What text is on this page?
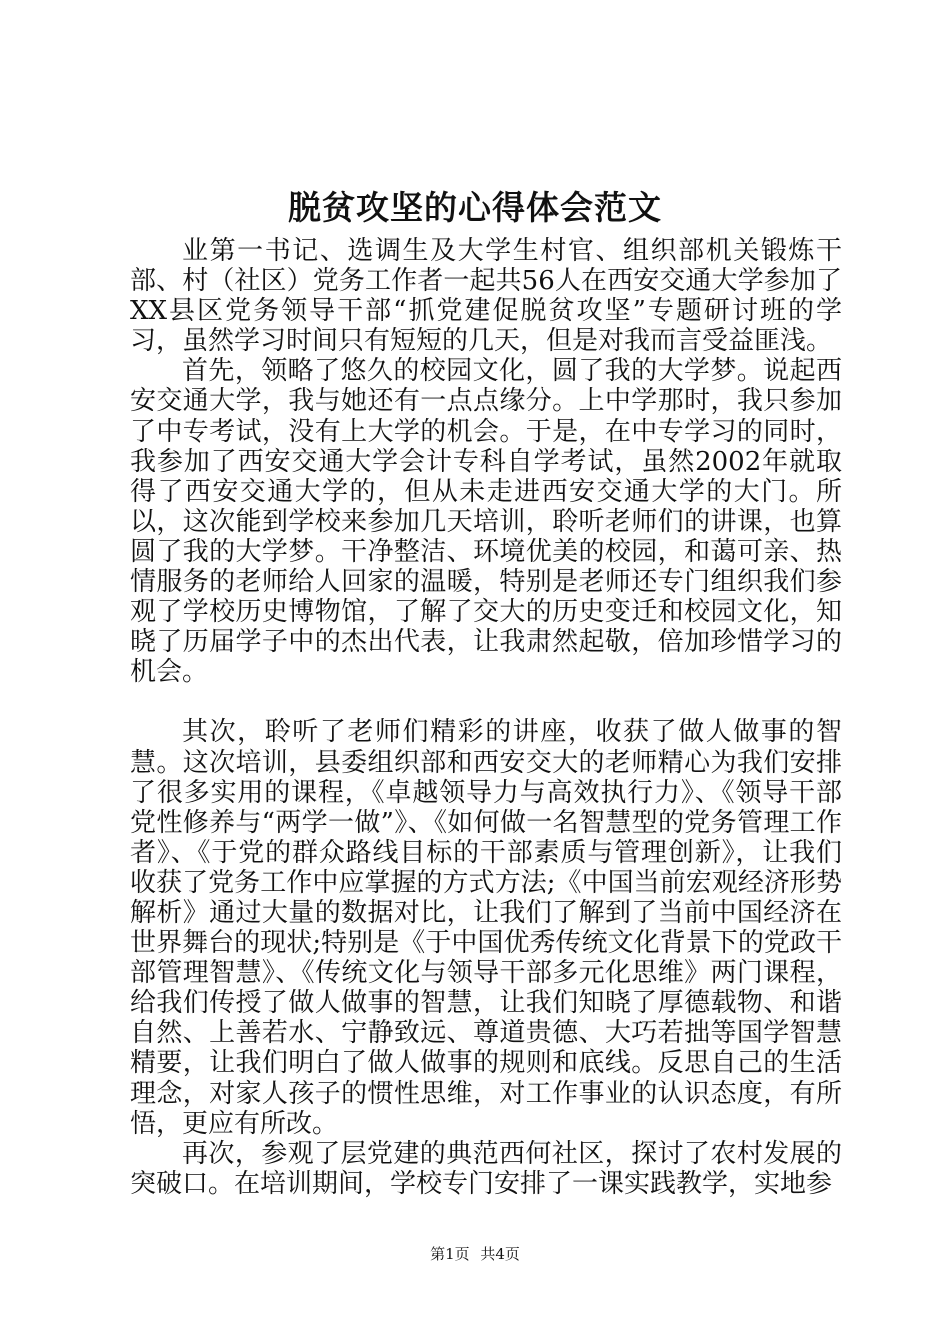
脱贫攻坚的心得体会范文

业第一书记、选调生及大学生村官、组织部机关锻炼干部、村（社区）党务工作者一起共56人在西安交通大学参加了XX县区党务领导干部“抓党建促脱贫攻坚”专题研讨班的学习，虽然学习时间只有短短的几天，但是对我而言受益匪浅。

首先，领略了悠久的校园文化，圆了我的大学梦。说起西安交通大学，我与她还有一点点缘分。上中学那时，我只参加了中专考试，没有上大学的机会。于是，在中专学习的同时，我参加了西安交通大学会计专科自学考试，虽然2002年就取得了西安交通大学的，但从未走进西安交通大学的大门。所以，这次能到学校来参加几天培训，聆听老师们的讲课，也算圆了我的大学梦。干净整洁、环境优美的校园，和蔼可亲、热情服务的老师给人回家的温暖，特别是老师还专门组织我们参观了学校历史博物馆，了解了交大的历史变迁和校园文化，知晓了历届学子中的杰出代表，让我肃然起敬，倍加珍惜学习的机会。

其次，聆听了老师们精彩的讲座，收获了做人做事的智慧。这次培训，县委组织部和西安交大的老师精心为我们安排了很多实用的课程，《卓越领导力与高效执行力》、《领导干部党性修养与“两学一做”》、《如何做一名智慧型的党务管理工作者》、《于党的群众路线目标的干部素质与管理创新》，让我们收获了党务工作中应掌握的方式方法;《中国当前宏观经济形势解析》通过大量的数据对比，让我们了解到了当前中国经济在世界舞台的现状;特别是《于中国优秀传统文化背景下的党政干部管理智慧》、《传统文化与领导干部多元化思维》两门课程，给我们传授了做人做事的智慧，让我们知晓了厚德载物、和谐自然、上善若水、宁静致远、尊道贵德、大巧若拙等国学智慧精要，让我们明白了做人做事的规则和底线。反思自己的生活理念，对家人孩子的惯性思维，对工作事业的认识态度，有所悟，更应有所改。

再次，参观了层党建的典范西何社区，探讨了农村发展的突破口。在培训期间，学校专门安排了一课实践教学，实地参

第1页 共4页
